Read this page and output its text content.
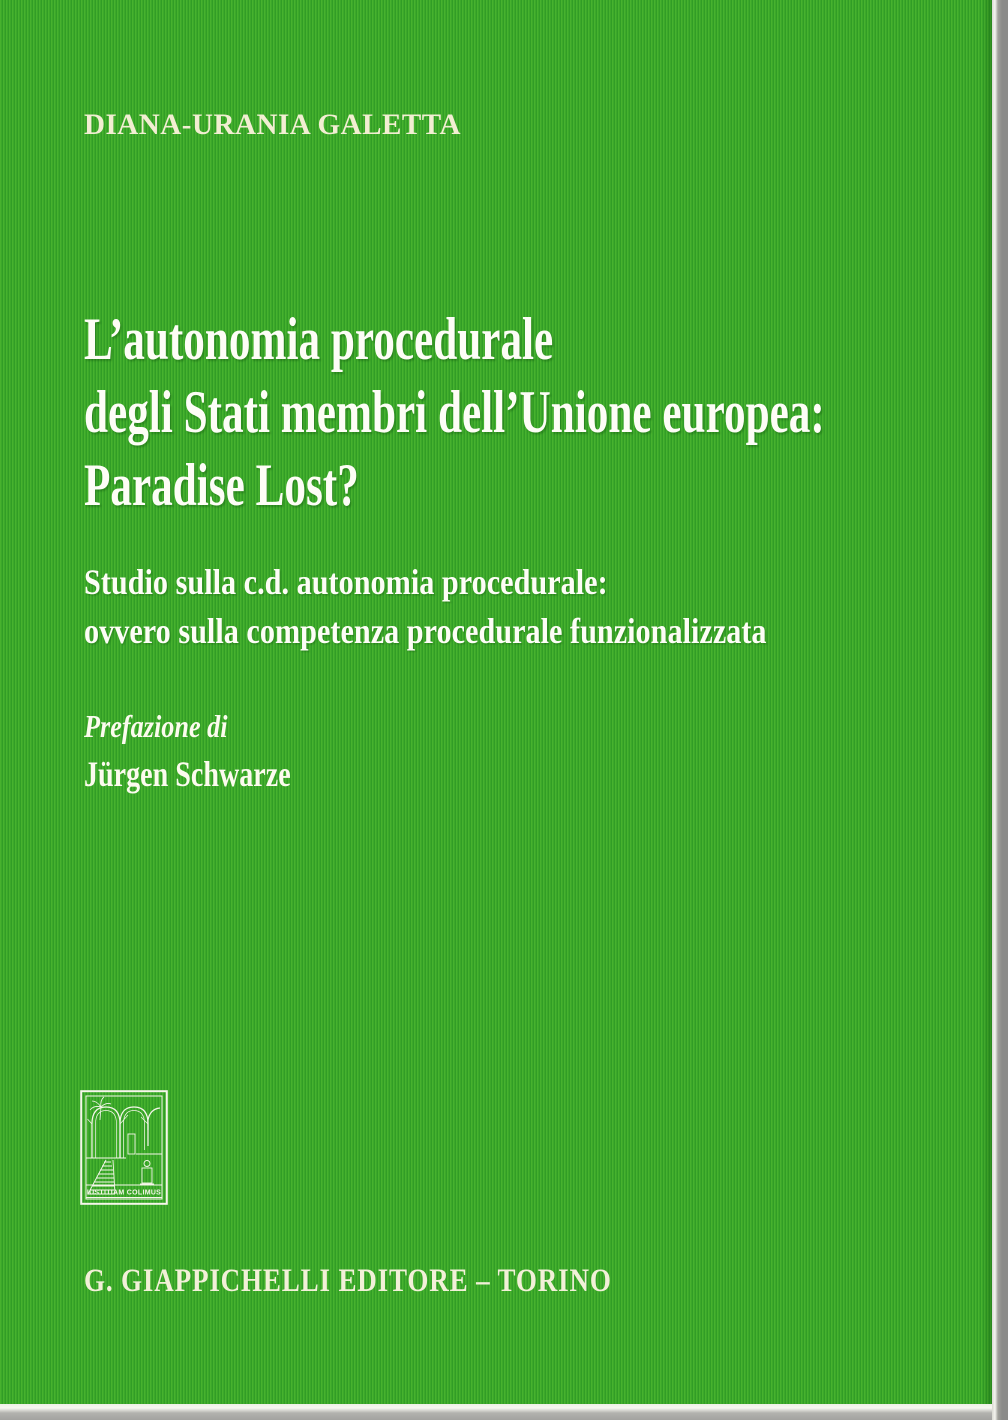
DIANA-URANIA GALETTA
L’autonomia procedurale
degli Stati membri dell’Unione europea:
Paradise Lost?
Studio sulla c.d. autonomia procedurale:
ovvero sulla competenza procedurale funzionalizzata
Prefazione di
Jürgen Schwarze
IUSTITIAM COLIMUS
G. GIAPPICHELLI EDITORE – TORINO
